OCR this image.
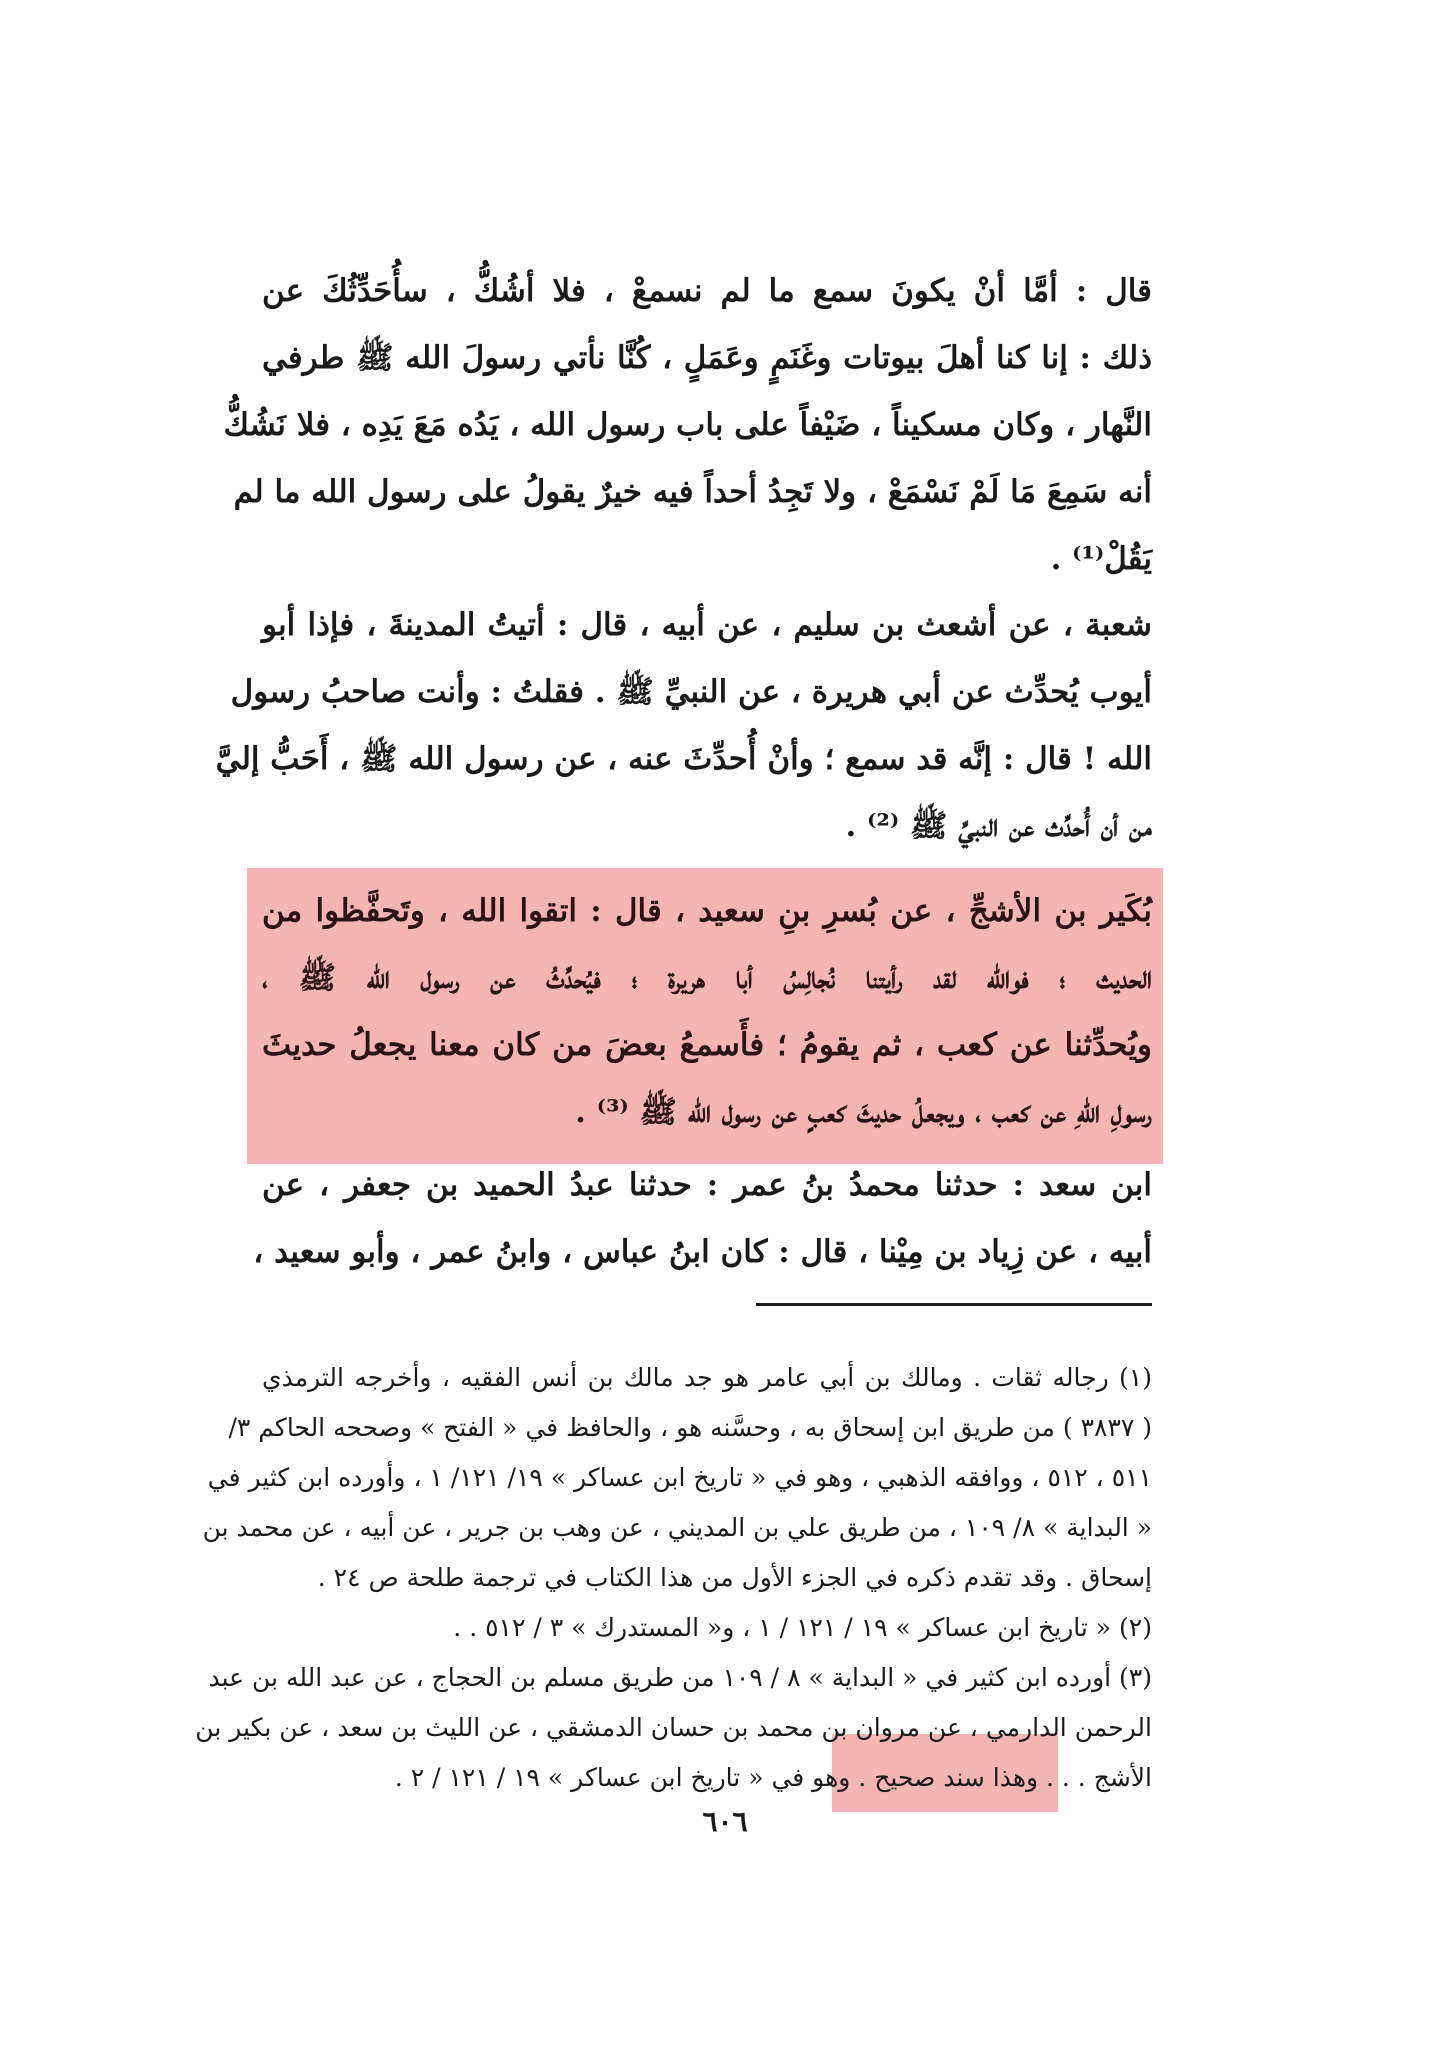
قال : أمَّا أنْ يكونَ سمع ما لم نسمعْ ، فلا أشُكُّ ، سأُحَدِّثُكَ عن
ذلك : إنا كنا أهلَ بيوتات وغَنَمٍ وعَمَلٍ ، كُنَّا نأتي رسولَ الله ﷺ طرفي
النَّهار ، وكان مسكيناً ، ضَيْفاً على باب رسول الله ، يَدُه مَعَ يَدِه ، فلا نَشُكُّ
أنه سَمِعَ مَا لَمْ نَسْمَعْ ، ولا تَجِدُ أحداً فيه خيرٌ يقولُ على رسول الله ما لم
يَقُلْ⁽¹⁾ .
شعبة ، عن أشعث بن سليم ، عن أبيه ، قال : أتيتُ المدينةَ ، فإذا أبو
أيوب يُحدِّث عن أبي هريرة ، عن النبيِّ ﷺ . فقلتُ : وأنت صاحبُ رسول
الله ! قال : إنَّه قد سمع ؛ وأنْ أُحدِّثَ عنه ، عن رسول الله ﷺ ، أَحَبُّ إليَّ
من أن أُحدِّث عن النبيِّ ﷺ ⁽²⁾ .
بُكَير بن الأشجِّ ، عن بُسرِ بنِ سعيد ، قال : اتقوا الله ، وتَحفَّظوا من
الحديث ؛ فوالله لقد رأيتنا نُجالِسُ أبا هريرة ؛ فيُحدِّثُ عن رسول الله ﷺ ،
ويُحدِّثنا عن كعب ، ثم يقومُ ؛ فأَسمعُ بعضَ من كان معنا يجعلُ حديثَ
رسولِ اللهِ عن كعب ، ويجعلُ حديثَ كعبٍ عن رسول الله ﷺ ⁽³⁾ .
ابن سعد : حدثنا محمدُ بنُ عمر : حدثنا عبدُ الحميد بن جعفر ، عن
أبيه ، عن زِياد بن مِيْنا ، قال : كان ابنُ عباس ، وابنُ عمر ، وأبو سعيد ،
(١) رجاله ثقات . ومالك بن أبي عامر هو جد مالك بن أنس الفقيه ، وأخرجه الترمذي
( ٣٨٣٧ ) من طريق ابن إسحاق به ، وحسَّنه هو ، والحافظ في « الفتح » وصححه الحاكم ٣/
٥١١ ، ٥١٢ ، ووافقه الذهبي ، وهو في « تاريخ ابن عساكر » ١٩/ ١٢١/ ١ ، وأورده ابن كثير في
« البداية » ٨/ ١٠٩ ، من طريق علي بن المديني ، عن وهب بن جرير ، عن أبيه ، عن محمد بن
إسحاق . وقد تقدم ذكره في الجزء الأول من هذا الكتاب في ترجمة طلحة ص ٢٤ .
(٢) « تاريخ ابن عساكر » ١٩ / ١٢١ / ١ ، و« المستدرك » ٣ / ٥١٢ . .
(٣) أورده ابن كثير في « البداية » ٨ / ١٠٩ من طريق مسلم بن الحجاج ، عن عبد الله بن عبد
الرحمن الدارمي ، عن مروان بن محمد بن حسان الدمشقي ، عن الليث بن سعد ، عن بكير بن
الأشج . . . وهذا سند صحيح . وهو في « تاريخ ابن عساكر » ١٩ / ١٢١ / ٢ .
٦٠٦
